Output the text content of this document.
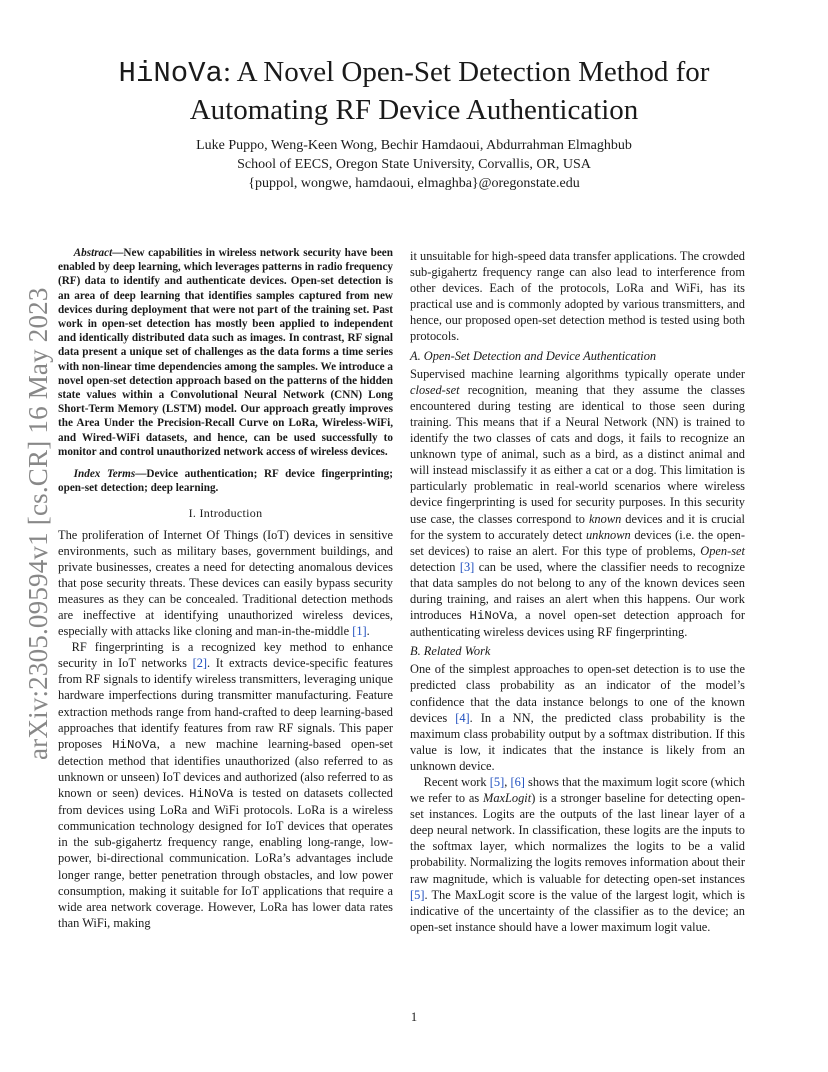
HiNoVa: A Novel Open-Set Detection Method for
Automating RF Device Authentication
Luke Puppo, Weng-Keen Wong, Bechir Hamdaoui, Abdurrahman Elmaghbub
School of EECS, Oregon State University, Corvallis, OR, USA
{puppol, wongwe, hamdaoui, elmaghba}@oregonstate.edu
arXiv:2305.09594v1 [cs.CR] 16 May 2023

Abstract—New capabilities in wireless network security have been enabled by deep learning, which leverages patterns in radio frequency (RF) data to identify and authenticate devices. Open-set detection is an area of deep learning that identifies samples captured from new devices during deployment that were not part of the training set. Past work in open-set detection has mostly been applied to independent and identically distributed data such as images. In contrast, RF signal data present a unique set of challenges as the data forms a time series with non-linear time dependencies among the samples. We introduce a novel open-set detection approach based on the patterns of the hidden state values within a Convolutional Neural Network (CNN) Long Short-Term Memory (LSTM) model. Our approach greatly improves the Area Under the Precision-Recall Curve on LoRa, Wireless-WiFi, and Wired-WiFi datasets, and hence, can be used successfully to monitor and control unauthorized network access of wireless devices.

Index Terms—Device authentication; RF device fingerprinting; open-set detection; deep learning.

I. Introduction

The proliferation of Internet Of Things (IoT) devices in sensitive environments, such as military bases, government buildings, and private businesses, creates a need for detecting anomalous devices that pose security threats. These devices can easily bypass security measures as they can be concealed. Traditional detection methods are ineffective at identifying unauthorized wireless devices, especially with attacks like cloning and man-in-the-middle [1].

RF fingerprinting is a recognized key method to enhance security in IoT networks [2]. It extracts device-specific features from RF signals to identify wireless transmitters, leveraging unique hardware imperfections during transmitter manufacturing. Feature extraction methods range from hand-crafted to deep learning-based approaches that identify features from raw RF signals. This paper proposes HiNoVa, a new machine learning-based open-set detection method that identifies unauthorized (also referred to as unknown or unseen) IoT devices and authorized (also referred to as known or seen) devices. HiNoVa is tested on datasets collected from devices using LoRa and WiFi protocols. LoRa is a wireless communication technology designed for IoT devices that operates in the sub-gigahertz frequency range, enabling long-range, low-power, bi-directional communication. LoRa’s advantages include longer range, better penetration through obstacles, and low power consumption, making it suitable for IoT applications that require a wide area network coverage. However, LoRa has lower data rates than WiFi, making

it unsuitable for high-speed data transfer applications. The crowded sub-gigahertz frequency range can also lead to interference from other devices. Each of the protocols, LoRa and WiFi, has its practical use and is commonly adopted by various transmitters, and hence, our proposed open-set detection method is tested using both protocols.

A. Open-Set Detection and Device Authentication

Supervised machine learning algorithms typically operate under closed-set recognition, meaning that they assume the classes encountered during testing are identical to those seen during training. This means that if a Neural Network (NN) is trained to identify the two classes of cats and dogs, it fails to recognize an unknown type of animal, such as a bird, as a distinct animal and will instead misclassify it as either a cat or a dog. This limitation is particularly problematic in real-world scenarios where wireless device fingerprinting is used for security purposes. In this security use case, the classes correspond to known devices and it is crucial for the system to accurately detect unknown devices (i.e. the open-set devices) to raise an alert. For this type of problems, Open-set detection [3] can be used, where the classifier needs to recognize that data samples do not belong to any of the known devices seen during training, and raises an alert when this happens. Our work introduces HiNoVa, a novel open-set detection approach for authenticating wireless devices using RF fingerprinting.

B. Related Work

One of the simplest approaches to open-set detection is to use the predicted class probability as an indicator of the model’s confidence that the data instance belongs to one of the known devices [4]. In a NN, the predicted class probability is the maximum class probability output by a softmax distribution. If this value is low, it indicates that the instance is likely from an unknown device.

Recent work [5], [6] shows that the maximum logit score (which we refer to as MaxLogit) is a stronger baseline for detecting open-set instances. Logits are the outputs of the last linear layer of a deep neural network. In classification, these logits are the inputs to the softmax layer, which normalizes the logits to be a valid probability. Normalizing the logits removes information about their raw magnitude, which is valuable for detecting open-set instances [5]. The MaxLogit score is the value of the largest logit, which is indicative of the uncertainty of the classifier as to the device; an open-set instance should have a lower maximum logit value.

1
